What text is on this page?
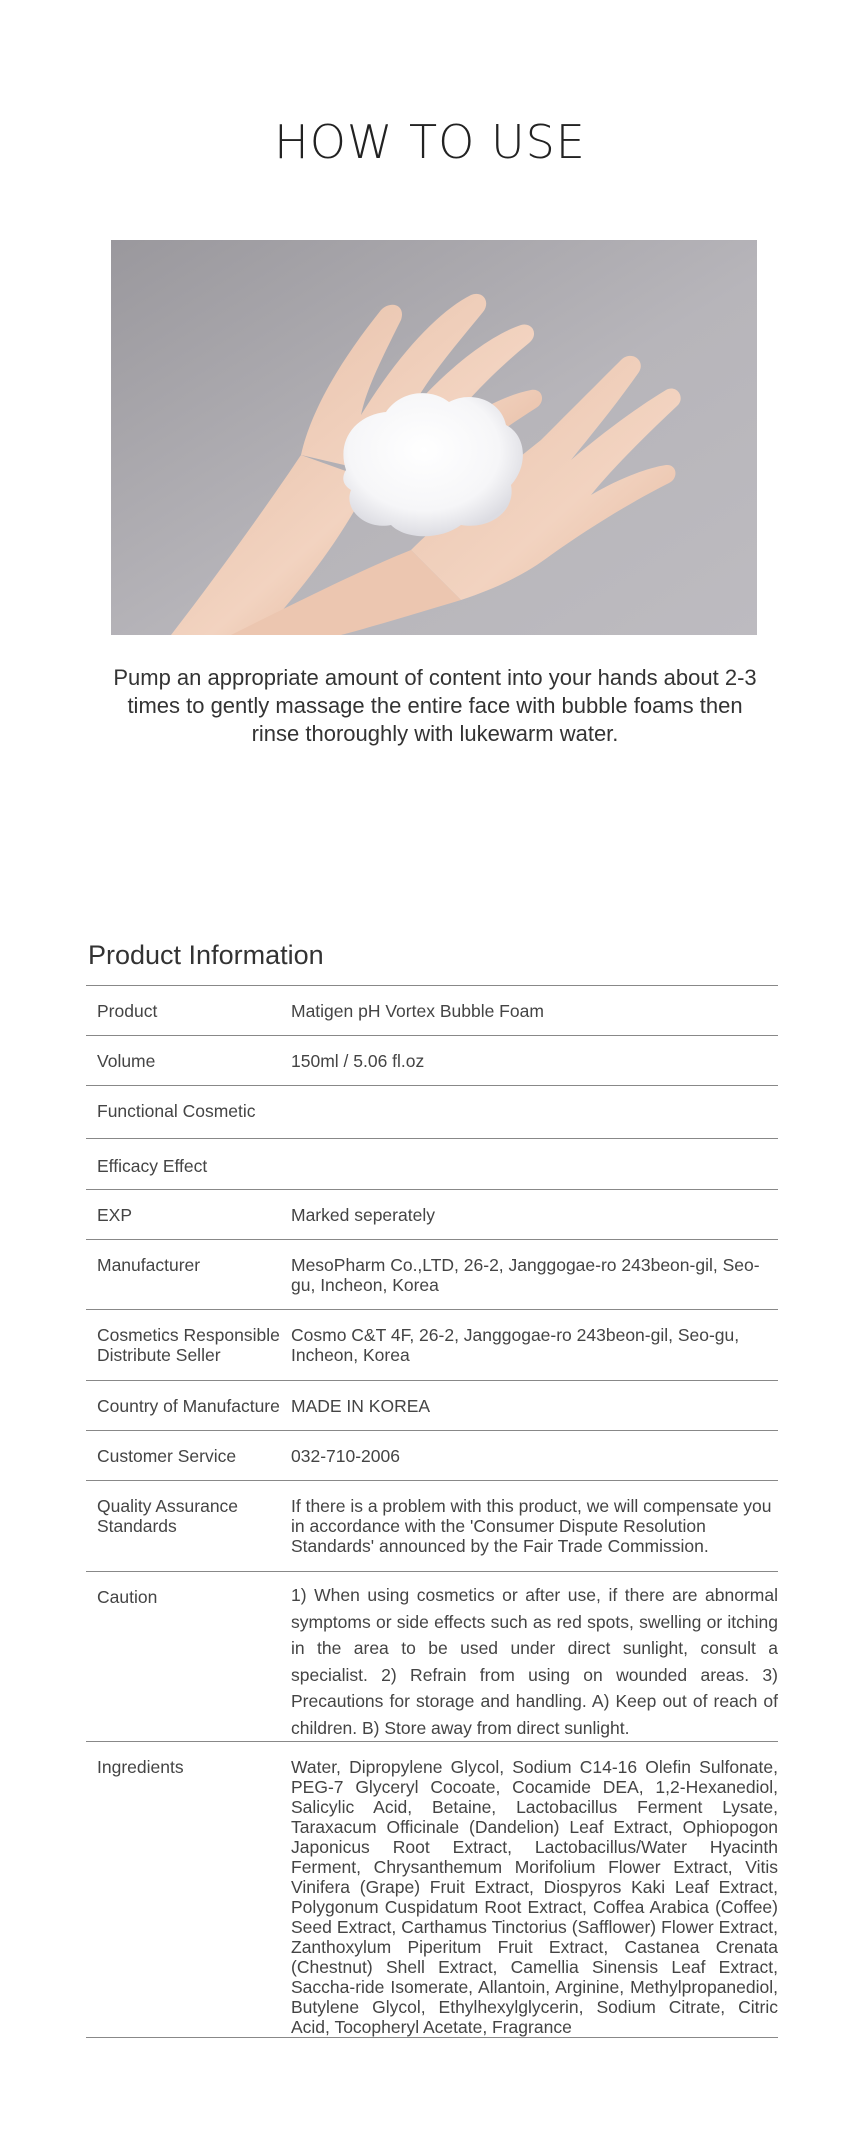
HOW TO USE
Pump an appropriate amount of content into your hands about 2-3 times to gently massage the entire face with bubble foams then rinse thoroughly with lukewarm water.
Product Information
Product	Matigen pH Vortex Bubble Foam
Volume	150ml / 5.06 fl.oz
Functional Cosmetic	
Efficacy Effect	
EXP	Marked seperately
Manufacturer	MesoPharm Co.,LTD, 26-2, Janggogae-ro 243beon-gil, Seo-gu, Incheon, Korea
Cosmetics Responsible Distribute Seller	Cosmo C&T 4F, 26-2, Janggogae-ro 243beon-gil, Seo-gu, Incheon, Korea
Country of Manufacture	MADE IN KOREA
Customer Service	032-710-2006
Quality Assurance Standards	If there is a problem with this product, we will compensate you in accordance with the 'Consumer Dispute Resolution Standards' announced by the Fair Trade Commission.
Caution	1) When using cosmetics or after use, if there are abnormal symptoms or side effects such as red spots, swelling or itching in the area to be used under direct sunlight, consult a specialist. 2) Refrain from using on wounded areas. 3) Precautions for storage and handling. A) Keep out of reach of children. B) Store away from direct sunlight.
Ingredients	Water, Dipropylene Glycol, Sodium C14-16 Olefin Sulfonate, PEG-7 Glyceryl Cocoate, Cocamide DEA, 1,2-Hexanediol, Salicylic Acid, Betaine, Lactobacillus Ferment Lysate, Taraxacum Officinale (Dandelion) Leaf Extract, Ophiopogon Japonicus Root Extract, Lactobacillus/Water Hyacinth Ferment, Chrysanthemum Morifolium Flower Extract, Vitis Vinifera (Grape) Fruit Extract, Diospyros Kaki Leaf Extract, Polygonum Cuspidatum Root Extract, Coffea Arabica (Coffee) Seed Extract, Carthamus Tinctorius (Safflower) Flower Extract, Zanthoxylum Piperitum Fruit Extract, Castanea Crenata (Chestnut) Shell Extract, Camellia Sinensis Leaf Extract, Saccha-ride Isomerate, Allantoin, Arginine, Methylpropanediol, Butylene Glycol, Ethylhexylglycerin, Sodium Citrate, Citric Acid, Tocopheryl Acetate, Fragrance
